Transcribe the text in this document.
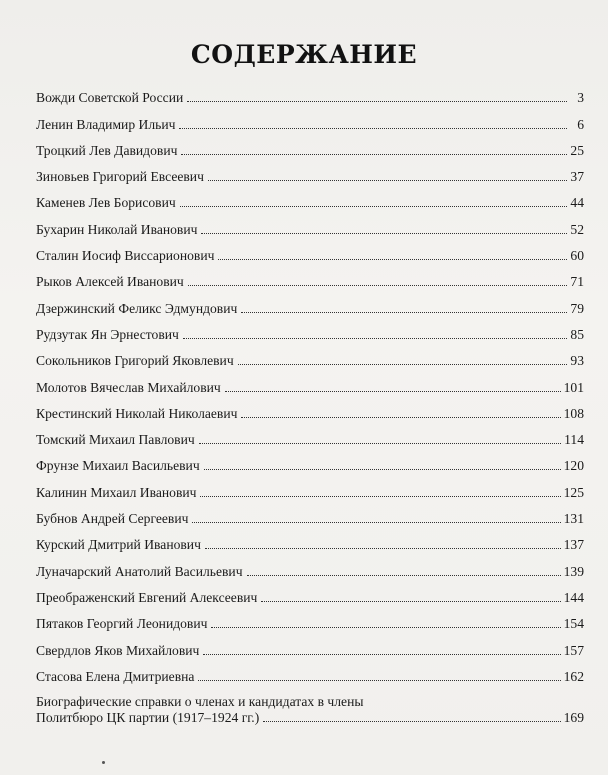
СОДЕРЖАНИЕ
Вожди Советской России	3
Ленин Владимир Ильич	6
Троцкий Лев Давидович	25
Зиновьев Григорий Евсеевич	37
Каменев Лев Борисович	44
Бухарин Николай Иванович	52
Сталин Иосиф Виссарионович	60
Рыков Алексей Иванович	71
Дзержинский Феликс Эдмундович	79
Рудзутак Ян Эрнестович	85
Сокольников Григорий Яковлевич	93
Молотов Вячеслав Михайлович	101
Крестинский Николай Николаевич	108
Томский Михаил Павлович	114
Фрунзе Михаил Васильевич	120
Калинин Михаил Иванович	125
Бубнов Андрей Сергеевич	131
Курский Дмитрий Иванович	137
Луначарский Анатолий Васильевич	139
Преображенский Евгений Алексеевич	144
Пятаков Георгий Леонидович	154
Свердлов Яков Михайлович	157
Стасова Елена Дмитриевна	162
Биографические справки о членах и кандидатах в члены
Политбюро ЦК партии (1917–1924 гг.)	169
